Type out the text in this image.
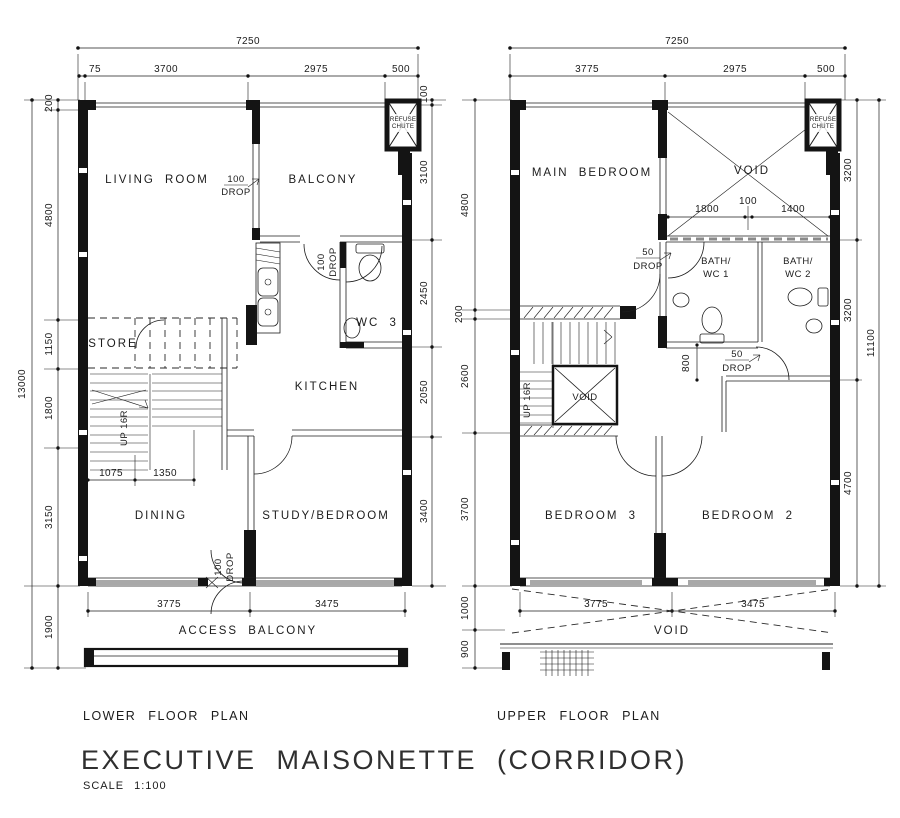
7250
75	3700	2975	500
13000
200
4800
1150
1800
3150
1900
100
3100
2450
2050
3400
3775	3475
ACCESS BALCONY
1075	1350
REFUSE
CHUTE
UP 16R
LIVING ROOM	BALCONY
KITCHEN
WC 3
STORE
DINING	STUDY/BEDROOM
100
DROP
100 DROP
100 DROP
7250
3775	2975	500
4800
200
2600
3700
1000
900
3200
3200
4700
11100
3775	3475
1800
100
1400
800
REFUSE
CHUTE
VOID
UP 16R
MAIN BEDROOM	VOID
BATH/
WC 1
BATH/
WC 2
BEDROOM 3	BEDROOM 2
VOID
50
DROP
50
DROP
LOWER FLOOR PLAN	UPPER FLOOR PLAN
EXECUTIVE MAISONETTE (CORRIDOR)
SCALE 1:100
